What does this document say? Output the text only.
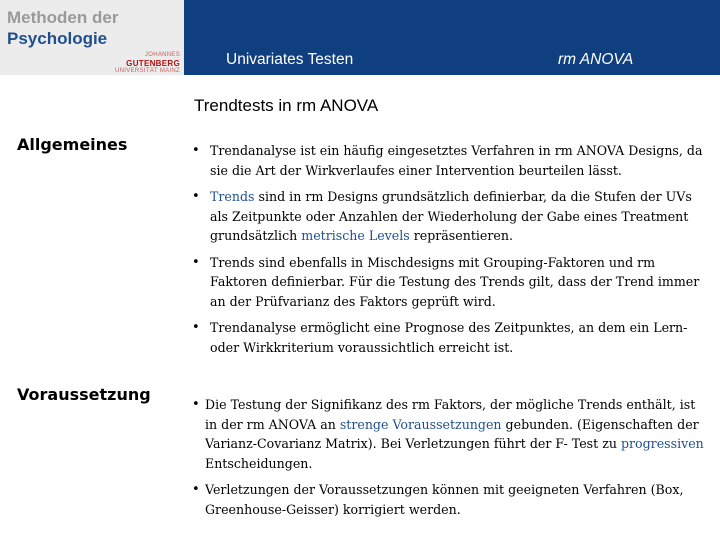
Methoden der
Psychologie
JOHANNES
GUTENBERG
UNIVERSITÄT MAINZ
Univariates Testen	rm ANOVA
Trendtests in rm ANOVA
Allgemeines
•	Trendanalyse ist ein häufig eingesetztes Verfahren in rm ANOVA Designs, da sie die Art der Wirkverlaufes einer Intervention beurteilen lässt.
• Trends sind in rm Designs grundsätzlich definierbar, da die Stufen der UVs als Zeitpunkte oder Anzahlen der Wiederholung der Gabe eines Treatment grundsätzlich metrische Levels repräsentieren.
• Trends sind ebenfalls in Mischdesigns mit Grouping-Faktoren und rm Faktoren definierbar. Für die Testung des Trends gilt, dass der Trend immer an der Prüfvarianz des Faktors geprüft wird.
• Trendanalyse ermöglicht eine Prognose des Zeitpunktes, an dem ein Lern- oder Wirkkriterium voraussichtlich erreicht ist.
Voraussetzung
• Die Testung der Signifikanz des rm Faktors, der mögliche Trends enthält, ist in der rm ANOVA an strenge Voraussetzungen gebunden. (Eigenschaften der Varianz-Covarianz Matrix). Bei Verletzungen führt der F- Test zu progressiven Entscheidungen.
• Verletzungen der Voraussetzungen können mit geeigneten Verfahren (Box, Greenhouse-Geisser) korrigiert werden.
